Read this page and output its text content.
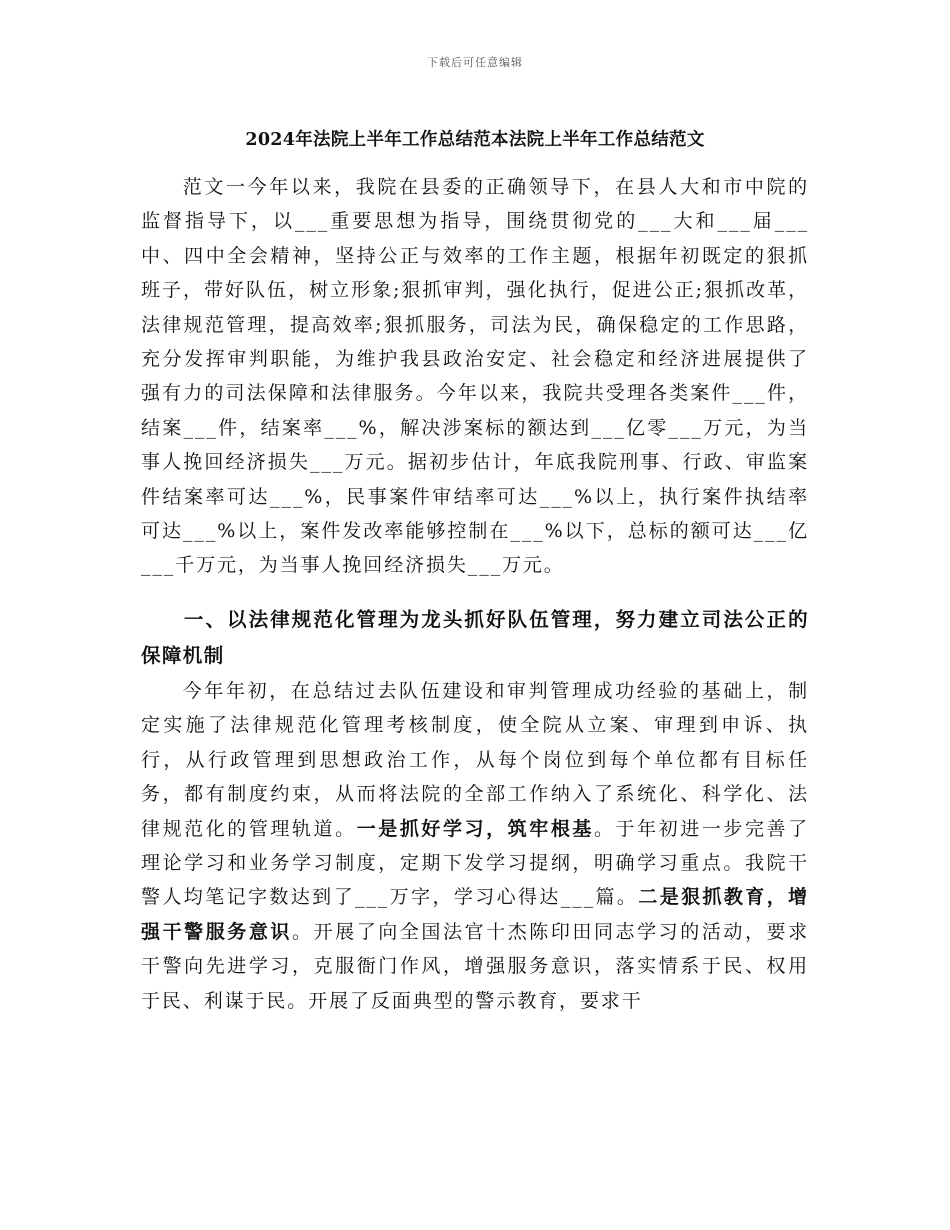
下载后可任意编辑
2024年法院上半年工作总结范本法院上半年工作总结范文

范文一今年以来，我院在县委的正确领导下，在县人大和市中院的监督指导下，以___重要思想为指导，围绕贯彻党的___大和___届___中、四中全会精神，坚持公正与效率的工作主题，根据年初既定的狠抓班子，带好队伍，树立形象;狠抓审判，强化执行，促进公正;狠抓改革，法律规范管理，提高效率;狠抓服务，司法为民，确保稳定的工作思路，充分发挥审判职能，为维护我县政治安定、社会稳定和经济进展提供了强有力的司法保障和法律服务。今年以来，我院共受理各类案件___件，结案___件，结案率___%，解决涉案标的额达到___亿零___万元，为当事人挽回经济损失___万元。据初步估计，年底我院刑事、行政、审监案件结案率可达___%，民事案件审结率可达___%以上，执行案件执结率可达___%以上，案件发改率能够控制在___%以下，总标的额可达___亿___千万元，为当事人挽回经济损失___万元。

一、以法律规范化管理为龙头抓好队伍管理，努力建立司法公正的保障机制

今年年初，在总结过去队伍建设和审判管理成功经验的基础上，制定实施了法律规范化管理考核制度，使全院从立案、审理到申诉、执行，从行政管理到思想政治工作，从每个岗位到每个单位都有目标任务，都有制度约束，从而将法院的全部工作纳入了系统化、科学化、法律规范化的管理轨道。一是抓好学习，筑牢根基。于年初进一步完善了理论学习和业务学习制度，定期下发学习提纲，明确学习重点。我院干警人均笔记字数达到了___万字，学习心得达___篇。二是狠抓教育，增强干警服务意识。开展了向全国法官十杰陈印田同志学习的活动，要求干警向先进学习，克服衙门作风，增强服务意识，落实情系于民、权用于民、利谋于民。开展了反面典型的警示教育，要求干
